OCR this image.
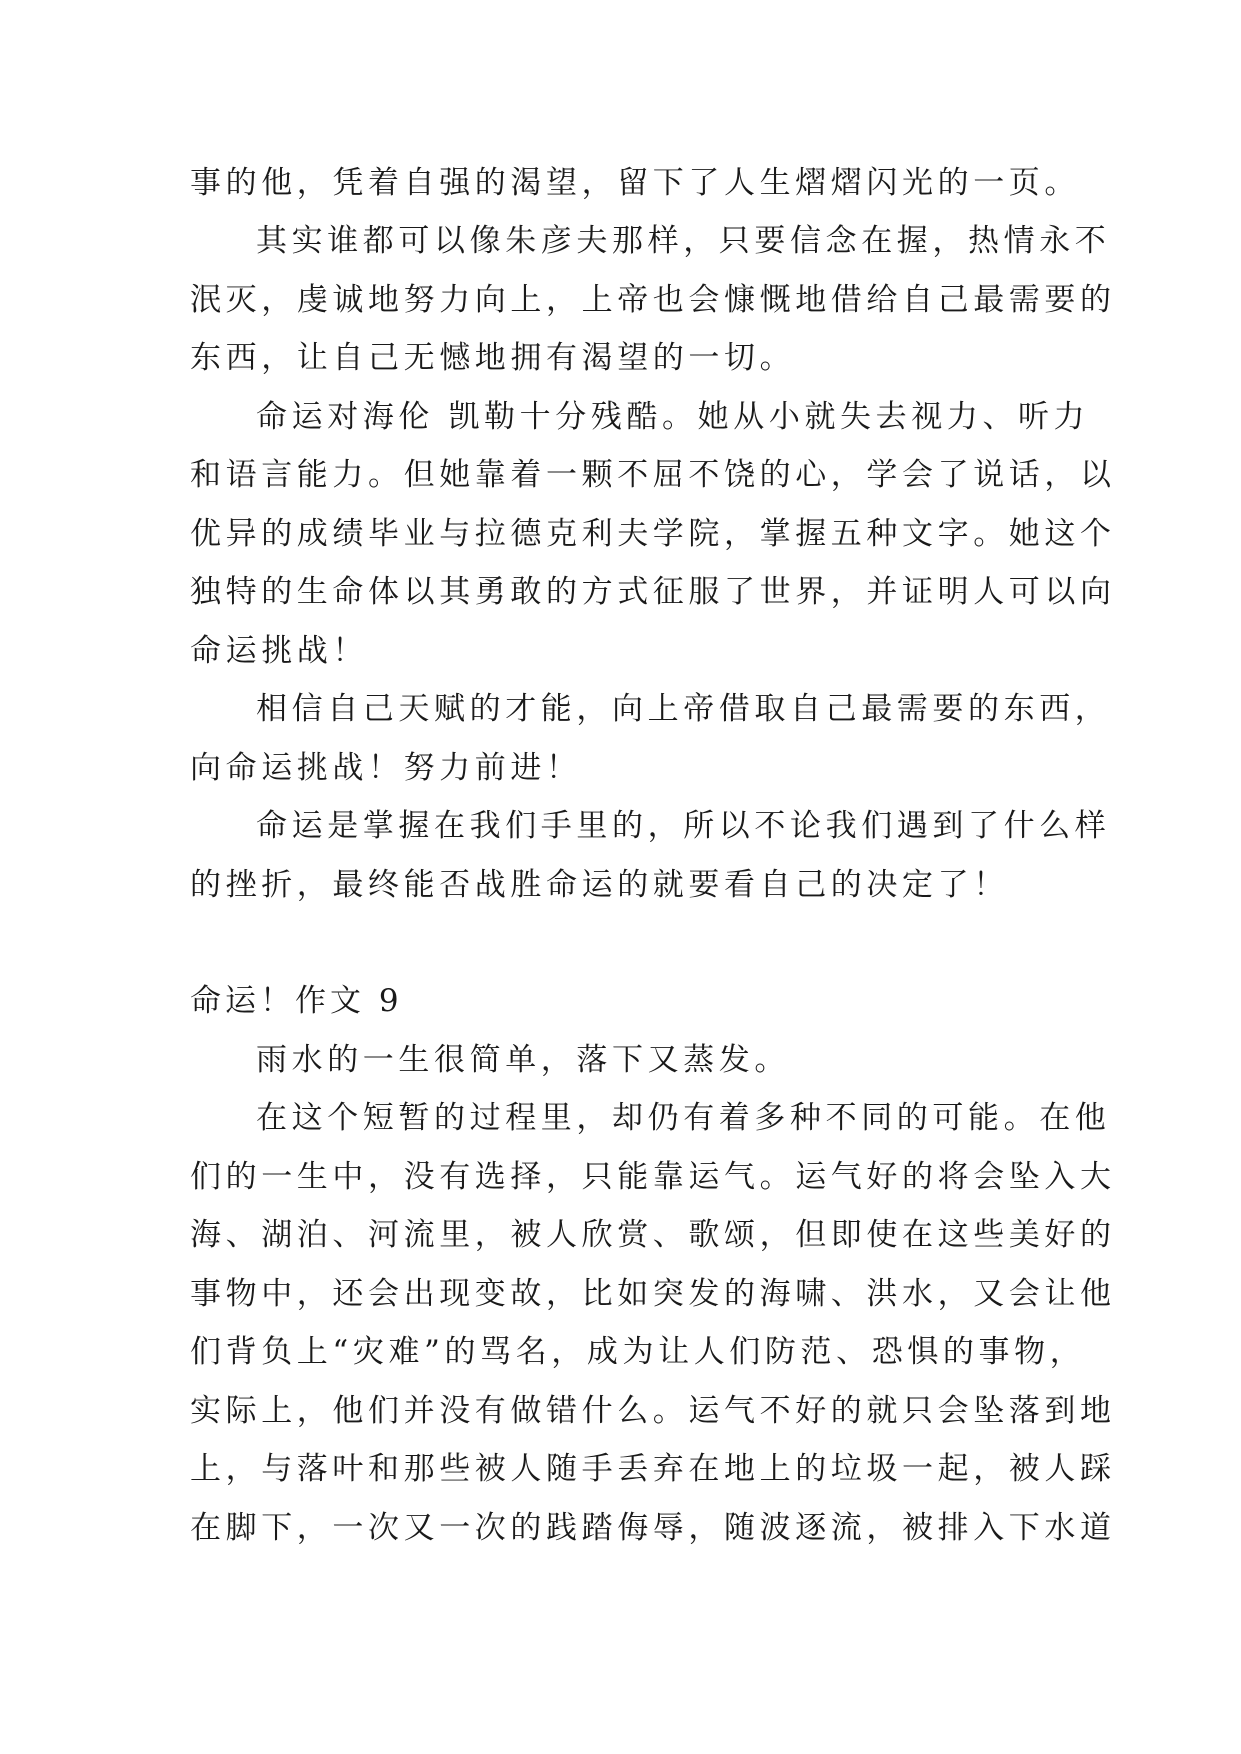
事的他，凭着自强的渴望，留下了人生熠熠闪光的一页。
其实谁都可以像朱彦夫那样，只要信念在握，热情永不
泯灭，虔诚地努力向上，上帝也会慷慨地借给自己最需要的
东西，让自己无憾地拥有渴望的一切。
命运对海伦 凯勒十分残酷。她从小就失去视力、听力
和语言能力。但她靠着一颗不屈不饶的心，学会了说话，以
优异的成绩毕业与拉德克利夫学院，掌握五种文字。她这个
独特的生命体以其勇敢的方式征服了世界，并证明人可以向
命运挑战！
相信自己天赋的才能，向上帝借取自己最需要的东西，
向命运挑战！努力前进！
命运是掌握在我们手里的，所以不论我们遇到了什么样
的挫折，最终能否战胜命运的就要看自己的决定了！
命运！作文 9
雨水的一生很简单，落下又蒸发。
在这个短暂的过程里，却仍有着多种不同的可能。在他
们的一生中，没有选择，只能靠运气。运气好的将会坠入大
海、湖泊、河流里，被人欣赏、歌颂，但即使在这些美好的
事物中，还会出现变故，比如突发的海啸、洪水，又会让他
们背负上“灾难”的骂名，成为让人们防范、恐惧的事物，
实际上，他们并没有做错什么。运气不好的就只会坠落到地
上，与落叶和那些被人随手丢弃在地上的垃圾一起，被人踩
在脚下，一次又一次的践踏侮辱，随波逐流，被排入下水道
